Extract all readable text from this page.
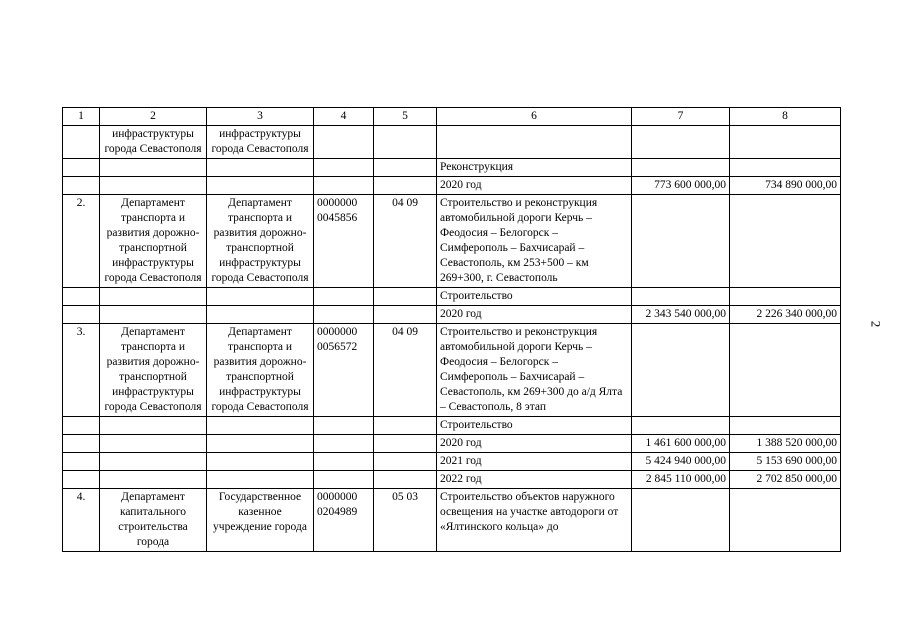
2
1	2	3	4	5	6	7	8
	инфраструктуры города Севастополя	инфраструктуры города Севастополя					
					Реконструкция		
					2020 год	773 600 000,00	734 890 000,00
2.	Департамент транспорта и развития дорожно-транспортной инфраструктуры города Севастополя	Департамент транспорта и развития дорожно-транспортной инфраструктуры города Севастополя	0000000 0045856	04 09	Строительство и реконструкция автомобильной дороги Керчь – Феодосия – Белогорск – Симферополь – Бахчисарай – Севастополь, км 253+500 – км 269+300, г. Севастополь		
					Строительство		
					2020 год	2 343 540 000,00	2 226 340 000,00
3.	Департамент транспорта и развития дорожно-транспортной инфраструктуры города Севастополя	Департамент транспорта и развития дорожно-транспортной инфраструктуры города Севастополя	0000000 0056572	04 09	Строительство и реконструкция автомобильной дороги Керчь – Феодосия – Белогорск – Симферополь – Бахчисарай – Севастополь, км 269+300 до а/д Ялта – Севастополь, 8 этап		
					Строительство		
					2020 год	1 461 600 000,00	1 388 520 000,00
					2021 год	5 424 940 000,00	5 153 690 000,00
					2022 год	2 845 110 000,00	2 702 850 000,00
4.	Департамент капитального строительства города	Государственное казенное учреждение города	0000000 0204989	05 03	Строительство объектов наружного освещения на участке автодороги от «Ялтинского кольца» до		
